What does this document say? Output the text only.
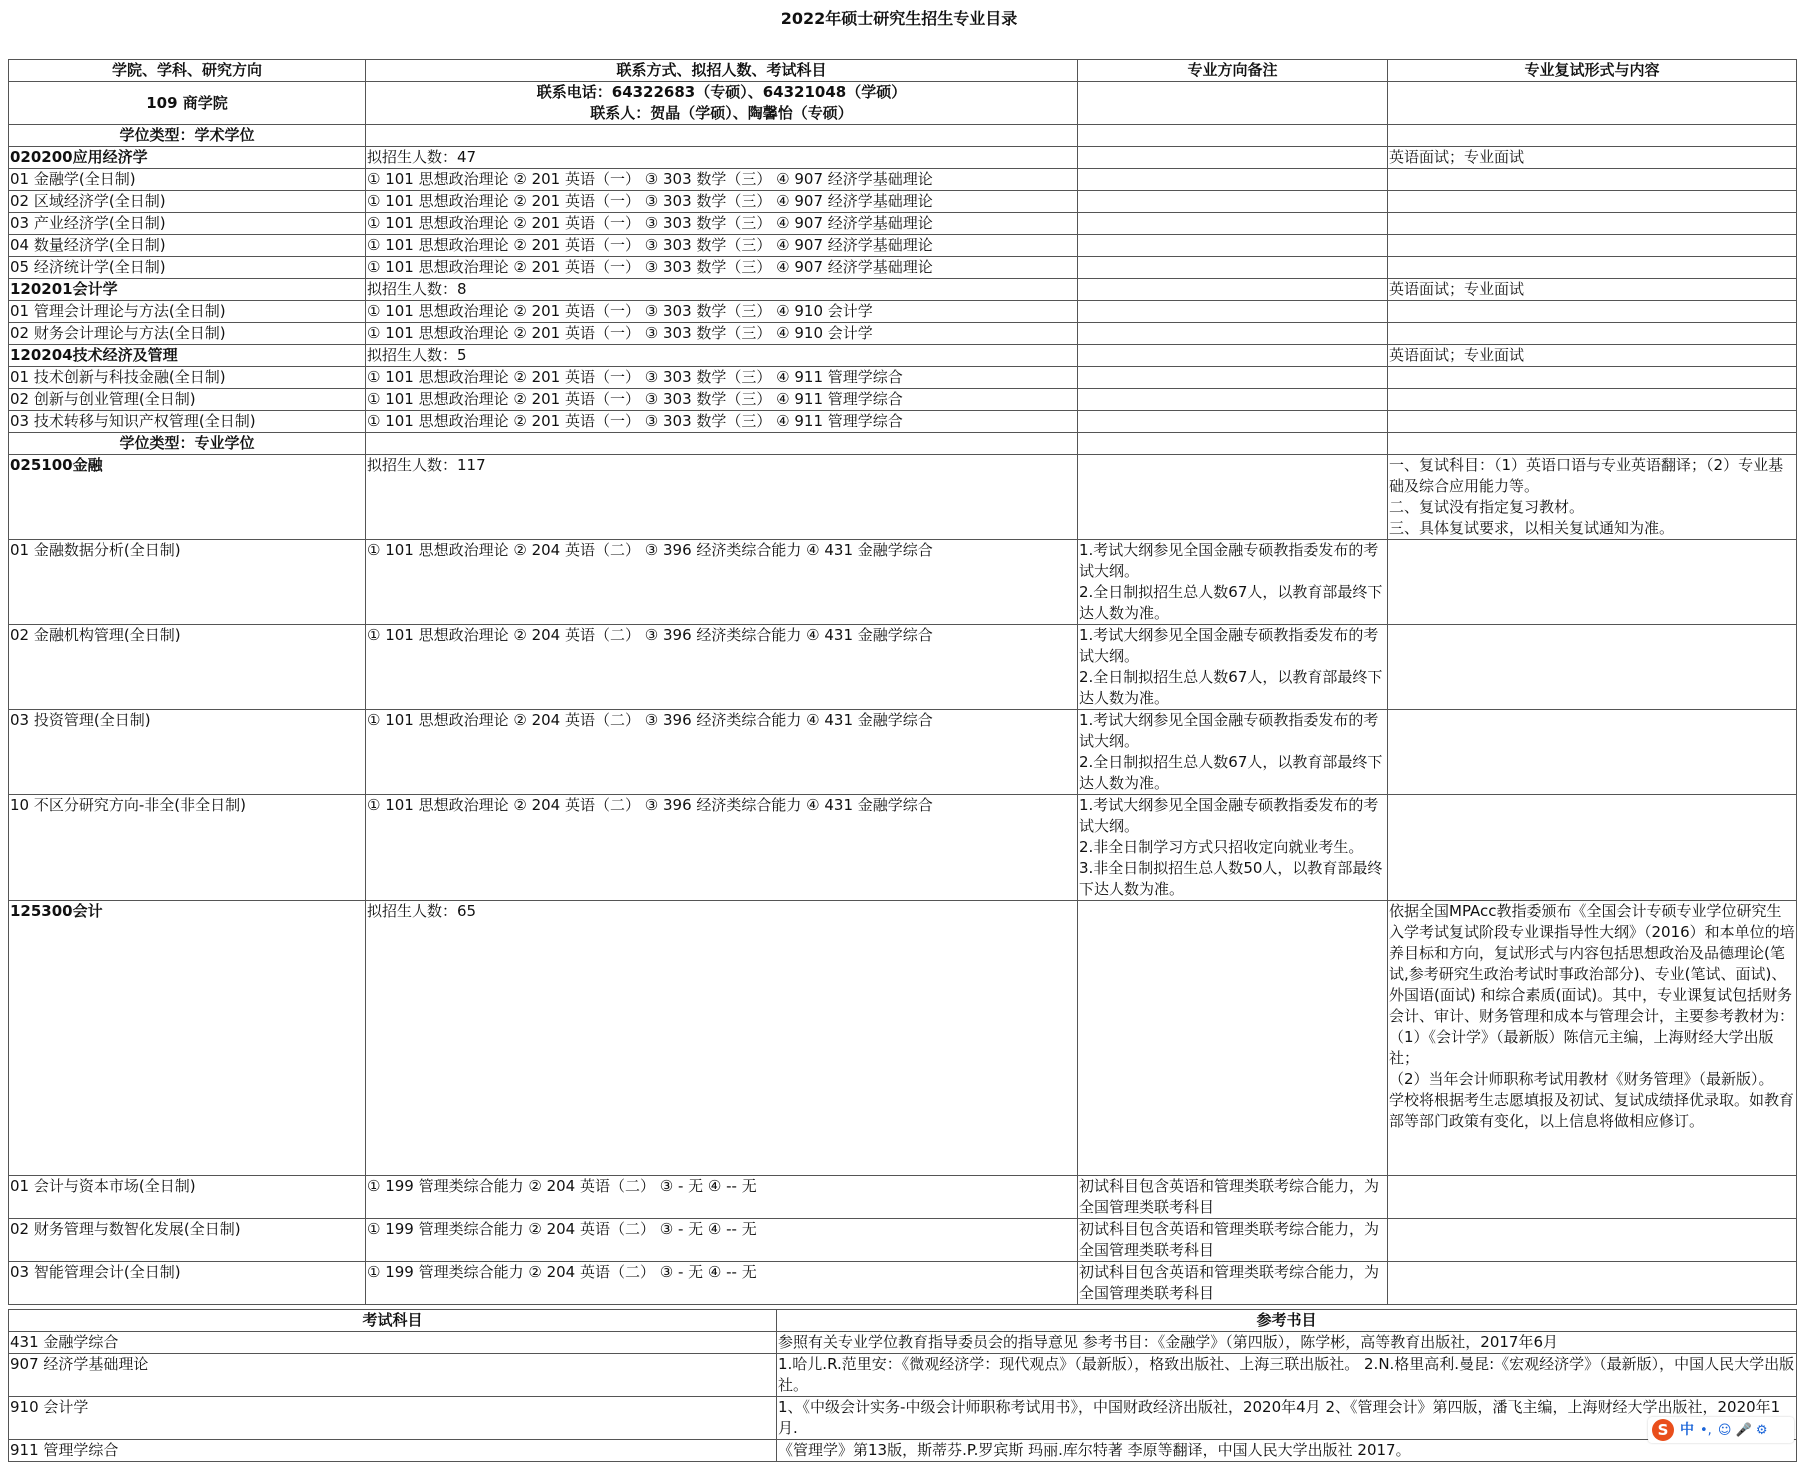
2022年硕士研究生招生专业目录
学院、学科、研究方向	联系方式、拟招人数、考试科目	专业方向备注	专业复试形式与内容
109 商学院	联系电话：64322683（专硕）、64321048（学硕）
联系人：贺晶（学硕）、陶馨怡（专硕）		

学位类型：学术学位			
020200应用经济学	拟招生人数：47		英语面试；专业面试
01 金融学(全日制)	① 101 思想政治理论 ② 201 英语（一） ③ 303 数学（三） ④ 907 经济学基础理论		
02 区域经济学(全日制)	① 101 思想政治理论 ② 201 英语（一） ③ 303 数学（三） ④ 907 经济学基础理论		
03 产业经济学(全日制)	① 101 思想政治理论 ② 201 英语（一） ③ 303 数学（三） ④ 907 经济学基础理论		
04 数量经济学(全日制)	① 101 思想政治理论 ② 201 英语（一） ③ 303 数学（三） ④ 907 经济学基础理论		
05 经济统计学(全日制)	① 101 思想政治理论 ② 201 英语（一） ③ 303 数学（三） ④ 907 经济学基础理论		
120201会计学	拟招生人数：8		英语面试；专业面试
01 管理会计理论与方法(全日制)	① 101 思想政治理论 ② 201 英语（一） ③ 303 数学（三） ④ 910 会计学		
02 财务会计理论与方法(全日制)	① 101 思想政治理论 ② 201 英语（一） ③ 303 数学（三） ④ 910 会计学		
120204技术经济及管理	拟招生人数：5		英语面试；专业面试
01 技术创新与科技金融(全日制)	① 101 思想政治理论 ② 201 英语（一） ③ 303 数学（三） ④ 911 管理学综合		
02 创新与创业管理(全日制)	① 101 思想政治理论 ② 201 英语（一） ③ 303 数学（三） ④ 911 管理学综合		
03 技术转移与知识产权管理(全日制)	① 101 思想政治理论 ② 201 英语（一） ③ 303 数学（三） ④ 911 管理学综合		
学位类型：专业学位			
025100金融	拟招生人数：117		一、复试科目：（1）英语口语与专业英语翻译；（2）专业基础及综合应用能力等。
二、复试没有指定复习教材。
三、具体复试要求，以相关复试通知为准。
01 金融数据分析(全日制)	① 101 思想政治理论 ② 204 英语（二） ③ 396 经济类综合能力 ④ 431 金融学综合	1.考试大纲参见全国金融专硕教指委发布的考试大纲。
2.全日制拟招生总人数67人，以教育部最终下达人数为准。	
02 金融机构管理(全日制)	① 101 思想政治理论 ② 204 英语（二） ③ 396 经济类综合能力 ④ 431 金融学综合	1.考试大纲参见全国金融专硕教指委发布的考试大纲。
2.全日制拟招生总人数67人，以教育部最终下达人数为准。	
03 投资管理(全日制)	① 101 思想政治理论 ② 204 英语（二） ③ 396 经济类综合能力 ④ 431 金融学综合	1.考试大纲参见全国金融专硕教指委发布的考试大纲。
2.全日制拟招生总人数67人，以教育部最终下达人数为准。	
10 不区分研究方向-非全(非全日制)	① 101 思想政治理论 ② 204 英语（二） ③ 396 经济类综合能力 ④ 431 金融学综合	1.考试大纲参见全国金融专硕教指委发布的考试大纲。
2.非全日制学习方式只招收定向就业考生。
3.非全日制拟招生总人数50人，以教育部最终下达人数为准。	
125300会计	拟招生人数：65		依据全国MPAcc教指委颁布《全国会计专硕专业学位研究生入学考试复试阶段专业课指导性大纲》（2016）和本单位的培养目标和方向，复试形式与内容包括思想政治及品德理论(笔试,参考研究生政治考试时事政治部分)、专业(笔试、面试)、外国语(面试) 和综合素质(面试)。其中，专业课复试包括财务会计、审计、财务管理和成本与管理会计，主要参考教材为：
（1）《会计学》（最新版）陈信元主编，上海财经大学出版社；
（2）当年会计师职称考试用教材《财务管理》（最新版）。
学校将根据考生志愿填报及初试、复试成绩择优录取。如教育部等部门政策有变化，以上信息将做相应修订。
01 会计与资本市场(全日制)	① 199 管理类综合能力 ② 204 英语（二） ③ - 无 ④ -- 无	初试科目包含英语和管理类联考综合能力，为全国管理类联考科目	
02 财务管理与数智化发展(全日制)	① 199 管理类综合能力 ② 204 英语（二） ③ - 无 ④ -- 无	初试科目包含英语和管理类联考综合能力，为全国管理类联考科目	
03 智能管理会计(全日制)	① 199 管理类综合能力 ② 204 英语（二） ③ - 无 ④ -- 无	初试科目包含英语和管理类联考综合能力，为全国管理类联考科目	
考试科目	参考书目
431 金融学综合	参照有关专业学位教育指导委员会的指导意见 参考书目：《金融学》（第四版），陈学彬，高等教育出版社，2017年6月
907 经济学基础理论	1.哈儿.R.范里安：《微观经济学：现代观点》（最新版），格致出版社、上海三联出版社。 2.N.格里高利.曼昆:《宏观经济学》（最新版），中国人民大学出版社。
910 会计学	1、《中级会计实务-中级会计师职称考试用书》，中国财政经济出版社，2020年4月 2、《管理会计》第四版，潘飞主编，上海财经大学出版社，2020年1月.
911 管理学综合	《管理学》第13版，斯蒂芬.P.罗宾斯 玛丽.库尔特著 李原等翻译，中国人民大学出版社 2017。
S 中 •, ☺ 🎤 ⚙
